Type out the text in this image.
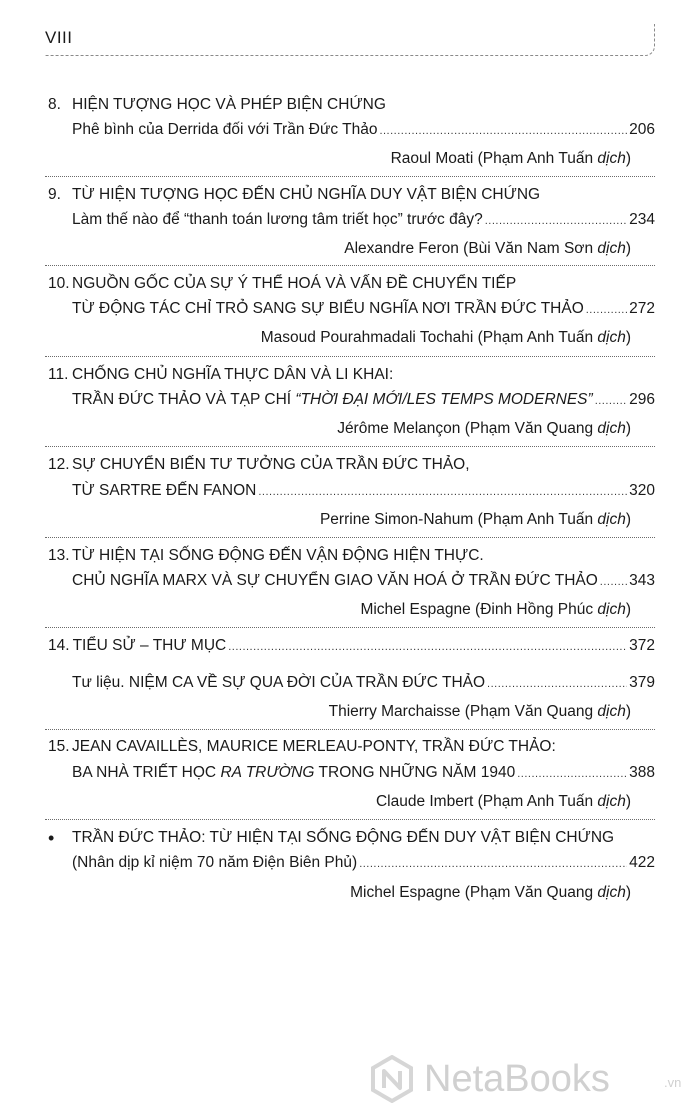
VIII
8. HIỆN TƯỢNG HỌC VÀ PHÉP BIỆN CHỨNG
Phê bình của Derrida đối với Trần Đức Thảo .....	206
Raoul Moati (Phạm Anh Tuấn dịch)
9. TỪ HIỆN TƯỢNG HỌC ĐẾN CHỦ NGHĨA DUY VẬT BIỆN CHỨNG
Làm thế nào để “thanh toán lương tâm triết học” trước đây? .....	234
Alexandre Feron (Bùi Văn Nam Sơn dịch)
10. NGUỒN GỐC CỦA SỰ Ý THỂ HOÁ VÀ VẤN ĐỀ CHUYỂN TIẾP
TỪ ĐỘNG TÁC CHỈ TRỎ SANG SỰ BIỂU NGHĨA NƠI TRẦN ĐỨC THẢO .....	272
Masoud Pourahmadali Tochahi (Phạm Anh Tuấn dịch)
11. CHỐNG CHỦ NGHĨA THỰC DÂN VÀ LI KHAI:
TRẦN ĐỨC THẢO VÀ TẠP CHÍ “THỜI ĐẠI MỚI/LES TEMPS MODERNES” ..... 296
Jérôme Melançon (Phạm Văn Quang dịch)
12. SỰ CHUYỂN BIẾN TƯ TƯỞNG CỦA TRẦN ĐỨC THẢO,
TỪ SARTRE ĐẾN FANON .....	320
Perrine Simon-Nahum (Phạm Anh Tuấn dịch)
13. TỪ HIỆN TẠI SỐNG ĐỘNG ĐẾN VẬN ĐỘNG HIỆN THỰC.
CHỦ NGHĨA MARX VÀ SỰ CHUYỂN GIAO VĂN HOÁ Ở TRẦN ĐỨC THẢO ..... 343
Michel Espagne (Đinh Hồng Phúc dịch)
14. TIỂU SỬ – THƯ MỤC .....	372
Tư liệu. NIỆM CA VỀ SỰ QUA ĐỜI CỦA TRẦN ĐỨC THẢO .....	379
Thierry Marchaisse (Phạm Văn Quang dịch)
15. JEAN CAVAILLÈS, MAURICE MERLEAU-PONTY, TRẦN ĐỨC THẢO:
BA NHÀ TRIẾT HỌC RA TRƯỜNG TRONG NHỮNG NĂM 1940 .....	388
Claude Imbert (Phạm Anh Tuấn dịch)
• TRẦN ĐỨC THẢO: TỪ HIỆN TẠI SỐNG ĐỘNG ĐẾN DUY VẬT BIỆN CHỨNG
(Nhân dịp kỉ niệm 70 năm Điện Biên Phủ) .....	422
Michel Espagne (Phạm Văn Quang dịch)
NetaBooks	.vn
